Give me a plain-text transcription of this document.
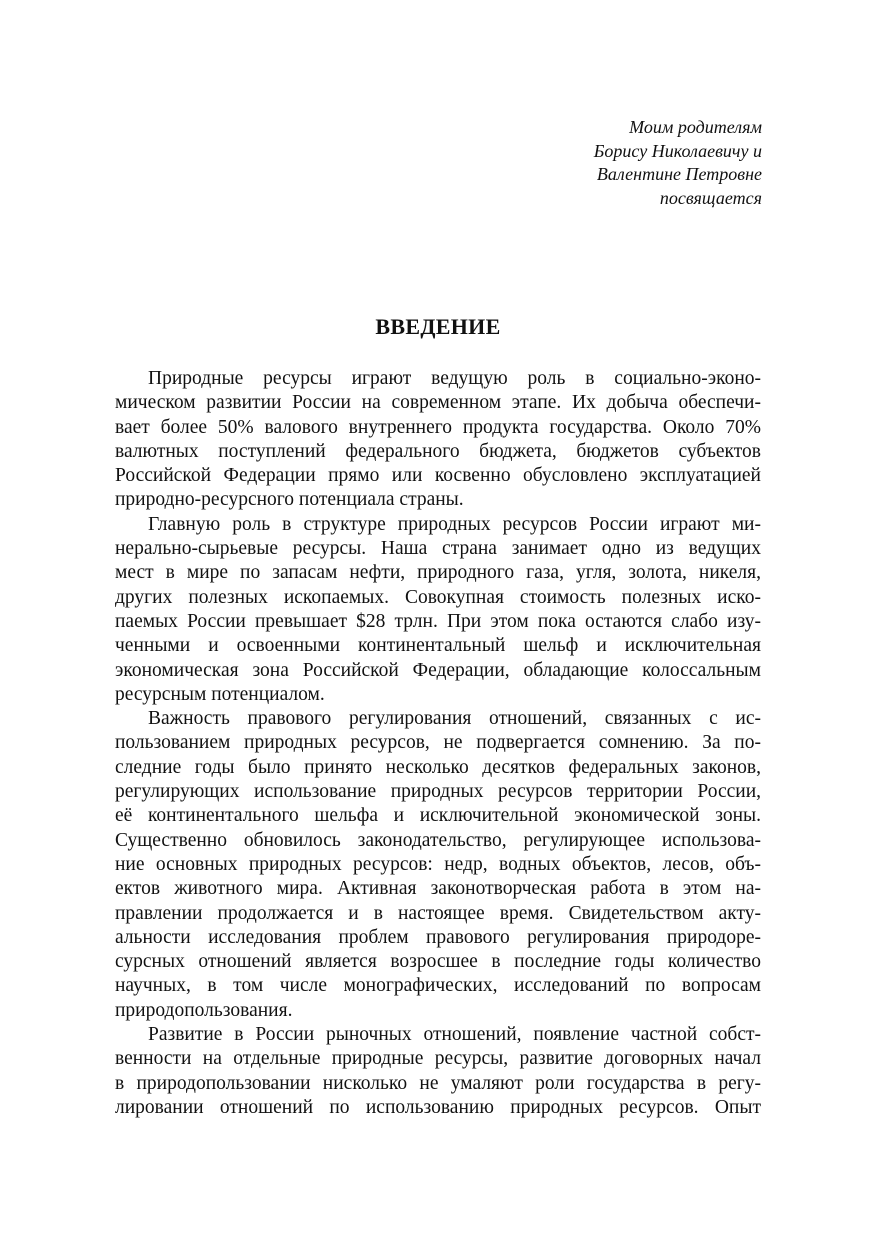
Моим родителям
Борису Николаевичу и
Валентине Петровне
посвящается
ВВЕДЕНИЕ
Природные ресурсы играют ведущую роль в социально-эконо-
мическом развитии России на современном этапе. Их добыча обеспечи-
вает более 50% валового внутреннего продукта государства. Около 70%
валютных поступлений федерального бюджета, бюджетов субъектов
Российской Федерации прямо или косвенно обусловлено эксплуатацией
природно-ресурсного потенциала страны.
Главную роль в структуре природных ресурсов России играют ми-
нерально-сырьевые ресурсы. Наша страна занимает одно из ведущих
мест в мире по запасам нефти, природного газа, угля, золота, никеля,
других полезных ископаемых. Совокупная стоимость полезных иско-
паемых России превышает $28 трлн. При этом пока остаются слабо изу-
ченными и освоенными континентальный шельф и исключительная
экономическая зона Российской Федерации, обладающие колоссальным
ресурсным потенциалом.
Важность правового регулирования отношений, связанных с ис-
пользованием природных ресурсов, не подвергается сомнению. За по-
следние годы было принято несколько десятков федеральных законов,
регулирующих использование природных ресурсов территории России,
её континентального шельфа и исключительной экономической зоны.
Существенно обновилось законодательство, регулирующее использова-
ние основных природных ресурсов: недр, водных объектов, лесов, объ-
ектов животного мира. Активная законотворческая работа в этом на-
правлении продолжается и в настоящее время. Свидетельством акту-
альности исследования проблем правового регулирования природоре-
сурсных отношений является возросшее в последние годы количество
научных, в том числе монографических, исследований по вопросам
природопользования.
Развитие в России рыночных отношений, появление частной собст-
венности на отдельные природные ресурсы, развитие договорных начал
в природопользовании нисколько не умаляют роли государства в регу-
лировании отношений по использованию природных ресурсов. Опыт
